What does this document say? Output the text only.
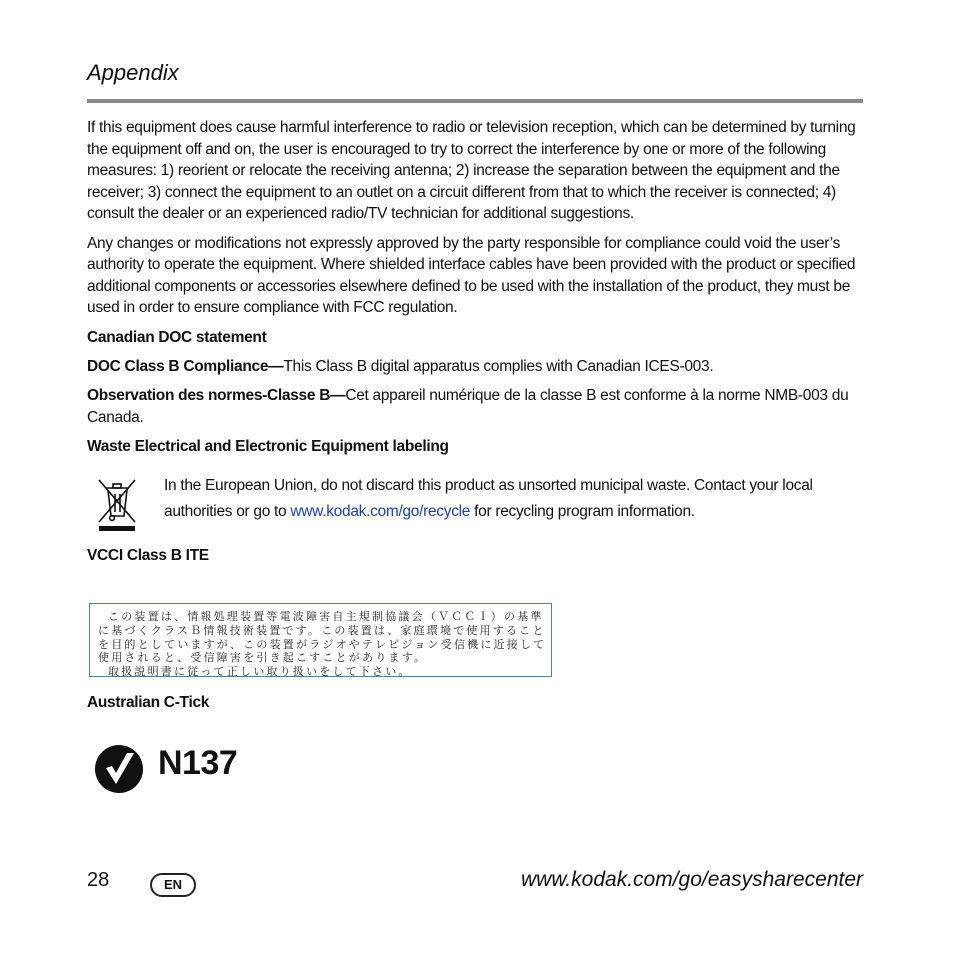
Appendix

If this equipment does cause harmful interference to radio or television reception, which can be determined by turning the equipment off and on, the user is encouraged to try to correct the interference by one or more of the following measures: 1) reorient or relocate the receiving antenna; 2) increase the separation between the equipment and the receiver; 3) connect the equipment to an outlet on a circuit different from that to which the receiver is connected; 4) consult the dealer or an experienced radio/TV technician for additional suggestions.

Any changes or modifications not expressly approved by the party responsible for compliance could void the user’s authority to operate the equipment. Where shielded interface cables have been provided with the product or specified additional components or accessories elsewhere defined to be used with the installation of the product, they must be used in order to ensure compliance with FCC regulation.

Canadian DOC statement

DOC Class B Compliance—This Class B digital apparatus complies with Canadian ICES-003.

Observation des normes-Classe B—Cet appareil numérique de la classe B est conforme à la norme NMB-003 du Canada.

Waste Electrical and Electronic Equipment labeling

In the European Union, do not discard this product as unsorted municipal waste. Contact your local authorities or go to www.kodak.com/go/recycle for recycling program information.

VCCI Class B ITE

この装置は、情報処理装置等電波障害自主規制協議会（ＶＣＣＩ）の基準

に基づくクラスＢ情報技術装置です。この装置は、家庭環境で使用すること

を目的としていますが、この装置がラジオやテレビジョン受信機に近接して

使用されると、受信障害を引き起こすことがあります。

取扱説明書に従って正しい取り扱いをして下さい。

Australian C-Tick

N137
28	EN	www.kodak.com/go/easysharecenter
